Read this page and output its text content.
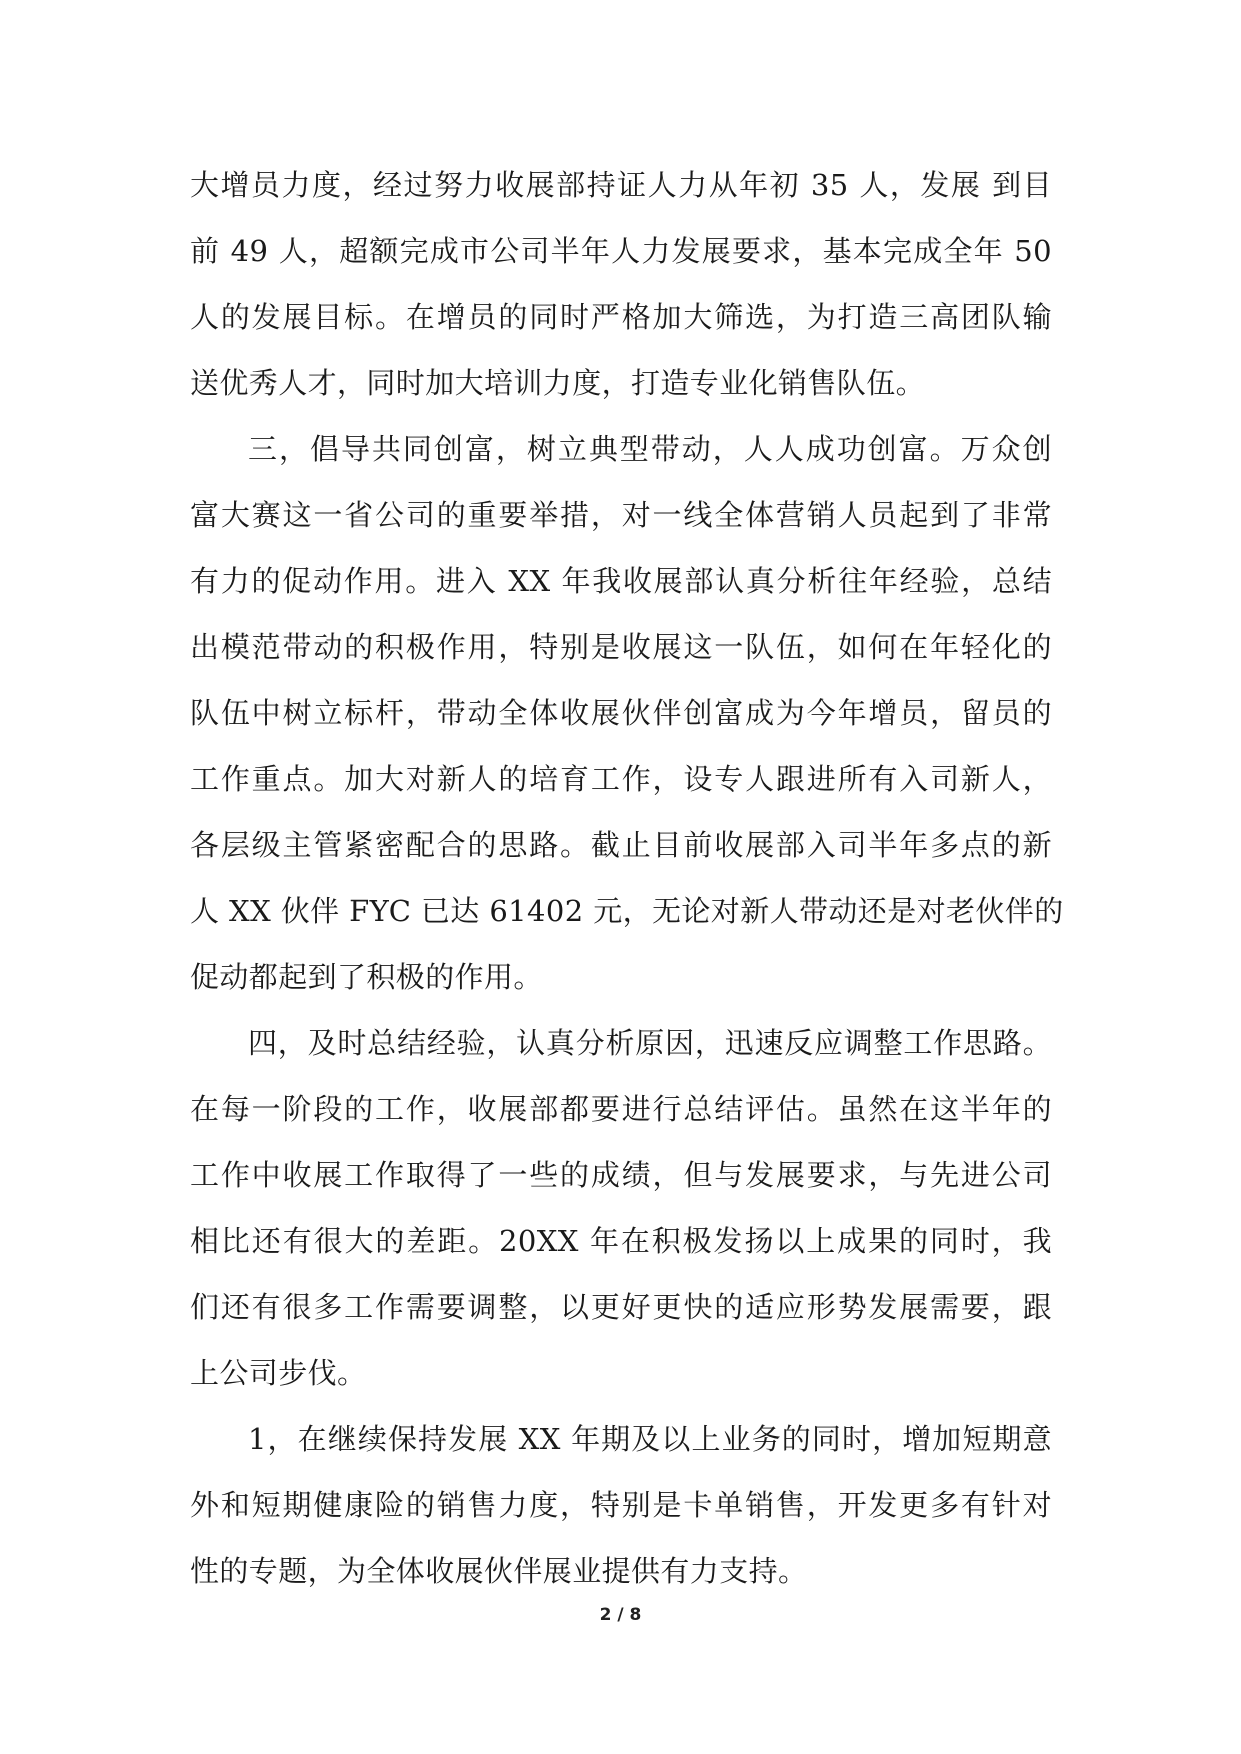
大增员力度，经过努力收展部持证人力从年初 35 人，发展 到目
前 49 人，超额完成市公司半年人力发展要求，基本完成全年 50
人的发展目标。在增员的同时严格加大筛选，为打造三高团队输
送优秀人才，同时加大培训力度，打造专业化销售队伍。
三，倡导共同创富，树立典型带动，人人成功创富。万众创
富大赛这一省公司的重要举措，对一线全体营销人员起到了非常
有力的促动作用。进入 XX 年我收展部认真分析往年经验，总结
出模范带动的积极作用，特别是收展这一队伍，如何在年轻化的
队伍中树立标杆，带动全体收展伙伴创富成为今年增员，留员的
工作重点。加大对新人的培育工作，设专人跟进所有入司新人，
各层级主管紧密配合的思路。截止目前收展部入司半年多点的新
人 XX 伙伴 FYC 已达 61402 元，无论对新人带动还是对老伙伴的
促动都起到了积极的作用。
四，及时总结经验，认真分析原因，迅速反应调整工作思路。
在每一阶段的工作，收展部都要进行总结评估。虽然在这半年的
工作中收展工作取得了一些的成绩，但与发展要求，与先进公司
相比还有很大的差距。20XX 年在积极发扬以上成果的同时，我
们还有很多工作需要调整，以更好更快的适应形势发展需要，跟
上公司步伐。
1，在继续保持发展 XX 年期及以上业务的同时，增加短期意
外和短期健康险的销售力度，特别是卡单销售，开发更多有针对
性的专题，为全体收展伙伴展业提供有力支持。
2 / 8
